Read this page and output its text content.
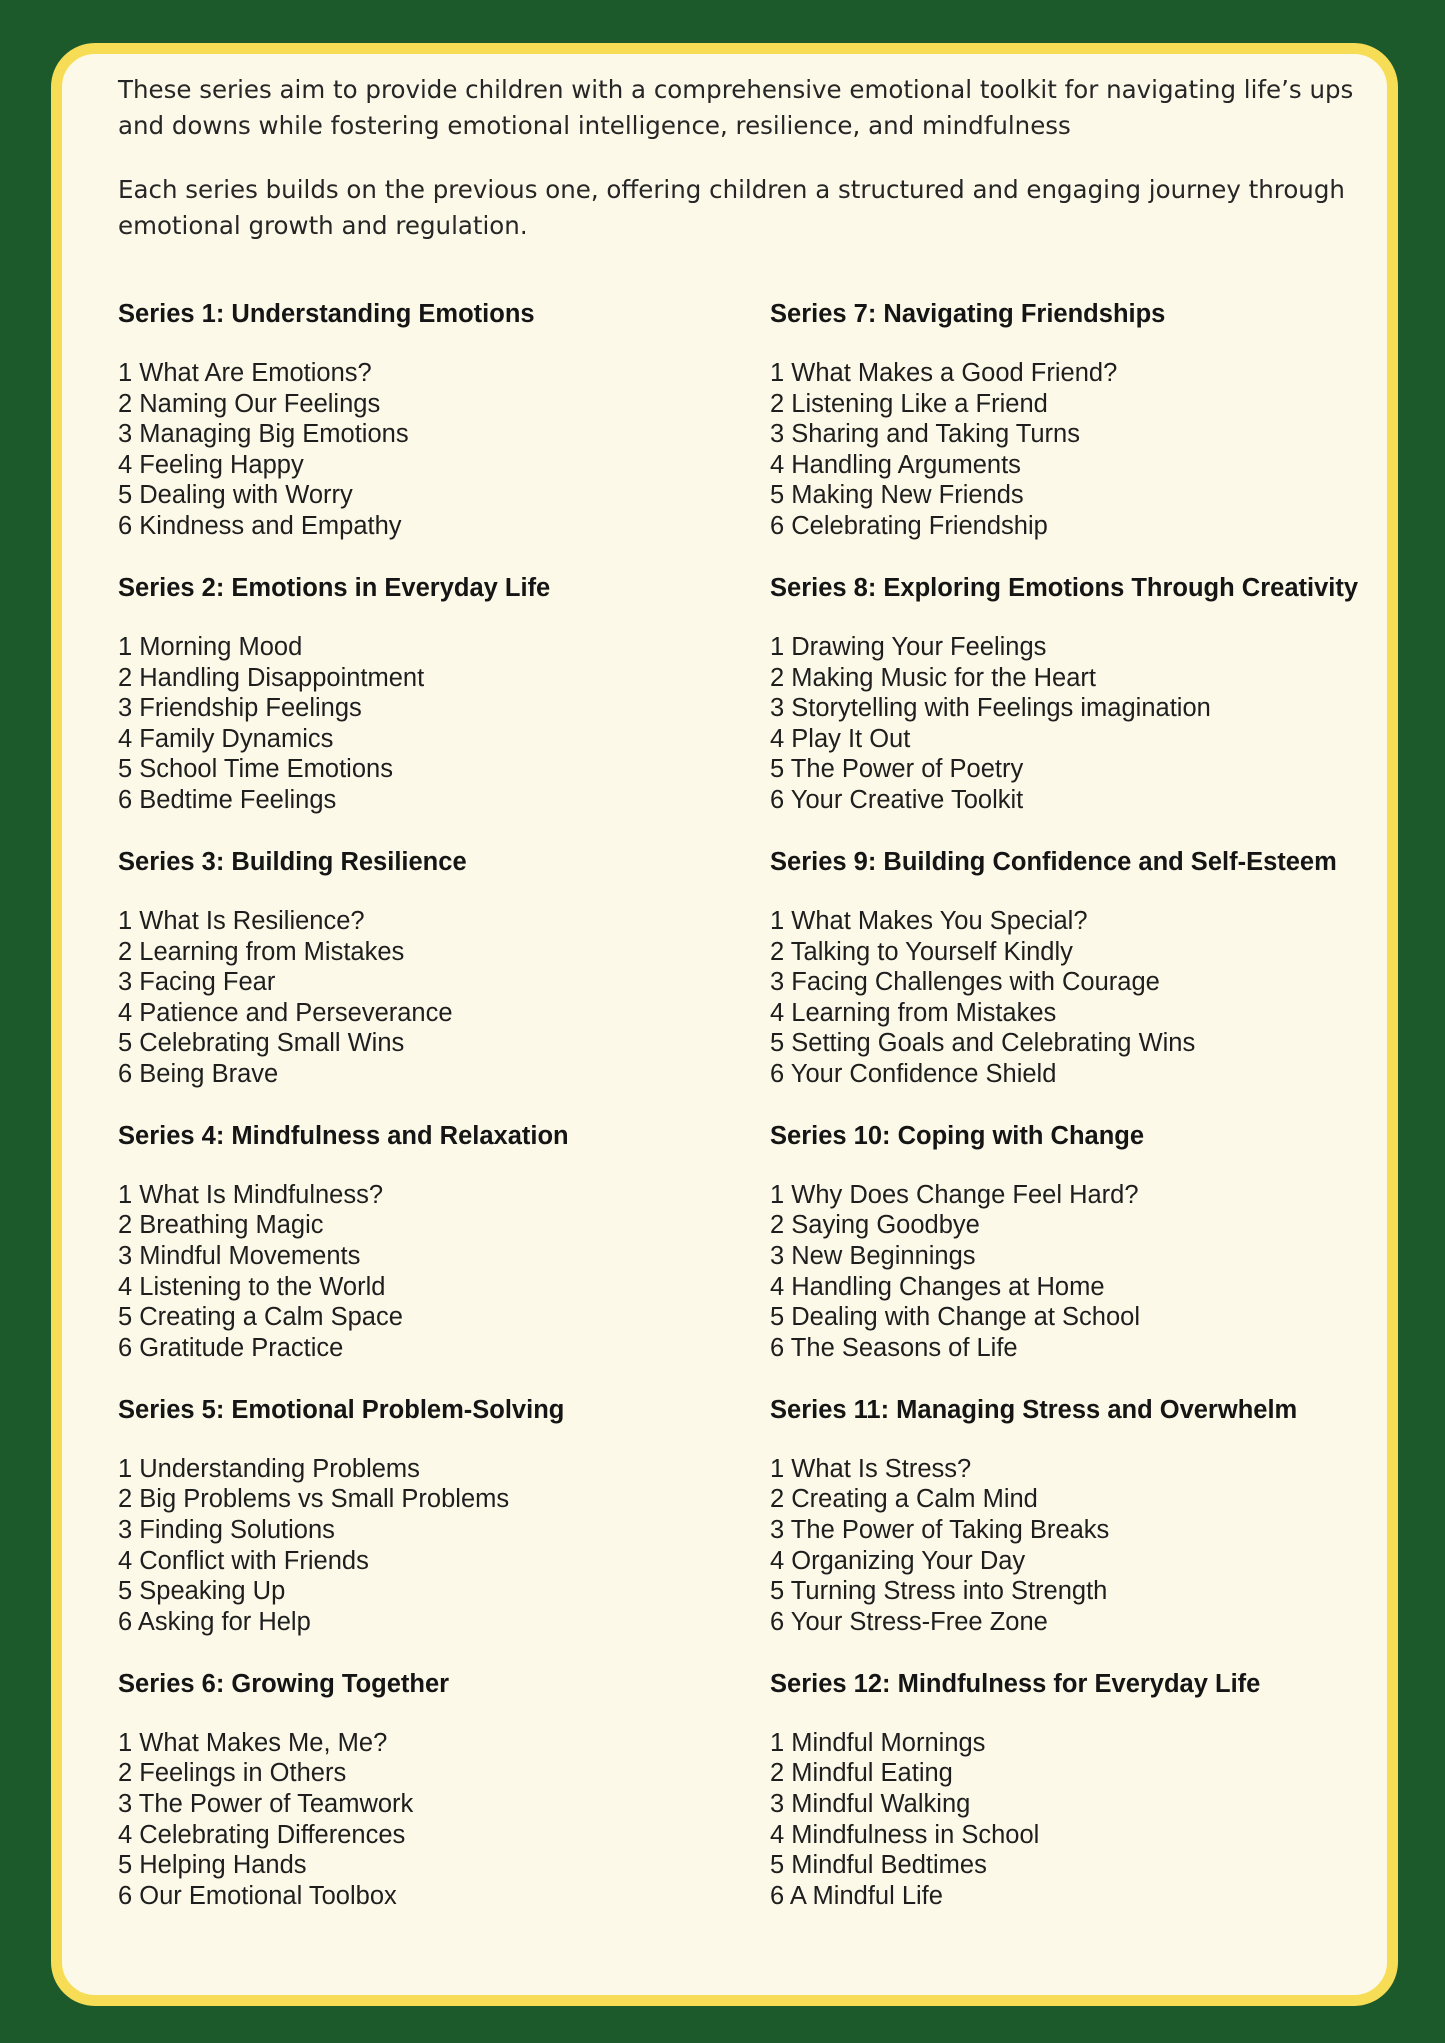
These series aim to provide children with a comprehensive emotional toolkit for navigating life’s ups and downs while fostering emotional intelligence, resilience, and mindfulness

Each series builds on the previous one, offering children a structured and engaging journey through emotional growth and regulation.

Series 1: Understanding Emotions
1 What Are Emotions?
2 Naming Our Feelings
3 Managing Big Emotions
4 Feeling Happy
5 Dealing with Worry
6 Kindness and Empathy
Series 2: Emotions in Everyday Life
1 Morning Mood
2 Handling Disappointment
3 Friendship Feelings
4 Family Dynamics
5 School Time Emotions
6 Bedtime Feelings
Series 3: Building Resilience
1 What Is Resilience?
2 Learning from Mistakes
3 Facing Fear
4 Patience and Perseverance
5 Celebrating Small Wins
6 Being Brave
Series 4: Mindfulness and Relaxation
1 What Is Mindfulness?
2 Breathing Magic
3 Mindful Movements
4 Listening to the World
5 Creating a Calm Space
6 Gratitude Practice
Series 5: Emotional Problem-Solving
1 Understanding Problems
2 Big Problems vs Small Problems
3 Finding Solutions
4 Conflict with Friends
5 Speaking Up
6 Asking for Help
Series 6: Growing Together
1 What Makes Me, Me?
2 Feelings in Others
3 The Power of Teamwork
4 Celebrating Differences
5 Helping Hands
6 Our Emotional Toolbox
Series 7: Navigating Friendships
1 What Makes a Good Friend?
2 Listening Like a Friend
3 Sharing and Taking Turns
4 Handling Arguments
5 Making New Friends
6 Celebrating Friendship
Series 8: Exploring Emotions Through Creativity
1 Drawing Your Feelings
2 Making Music for the Heart
3 Storytelling with Feelings imagination
4 Play It Out
5 The Power of Poetry
6 Your Creative Toolkit
Series 9: Building Confidence and Self-Esteem
1 What Makes You Special?
2 Talking to Yourself Kindly
3 Facing Challenges with Courage
4 Learning from Mistakes
5 Setting Goals and Celebrating Wins
6 Your Confidence Shield
Series 10: Coping with Change
1 Why Does Change Feel Hard?
2 Saying Goodbye
3 New Beginnings
4 Handling Changes at Home
5 Dealing with Change at School
6 The Seasons of Life
Series 11: Managing Stress and Overwhelm
1 What Is Stress?
2 Creating a Calm Mind
3 The Power of Taking Breaks
4 Organizing Your Day
5 Turning Stress into Strength
6 Your Stress-Free Zone
Series 12: Mindfulness for Everyday Life
1 Mindful Mornings
2 Mindful Eating
3 Mindful Walking
4 Mindfulness in School
5 Mindful Bedtimes
6 A Mindful Life
